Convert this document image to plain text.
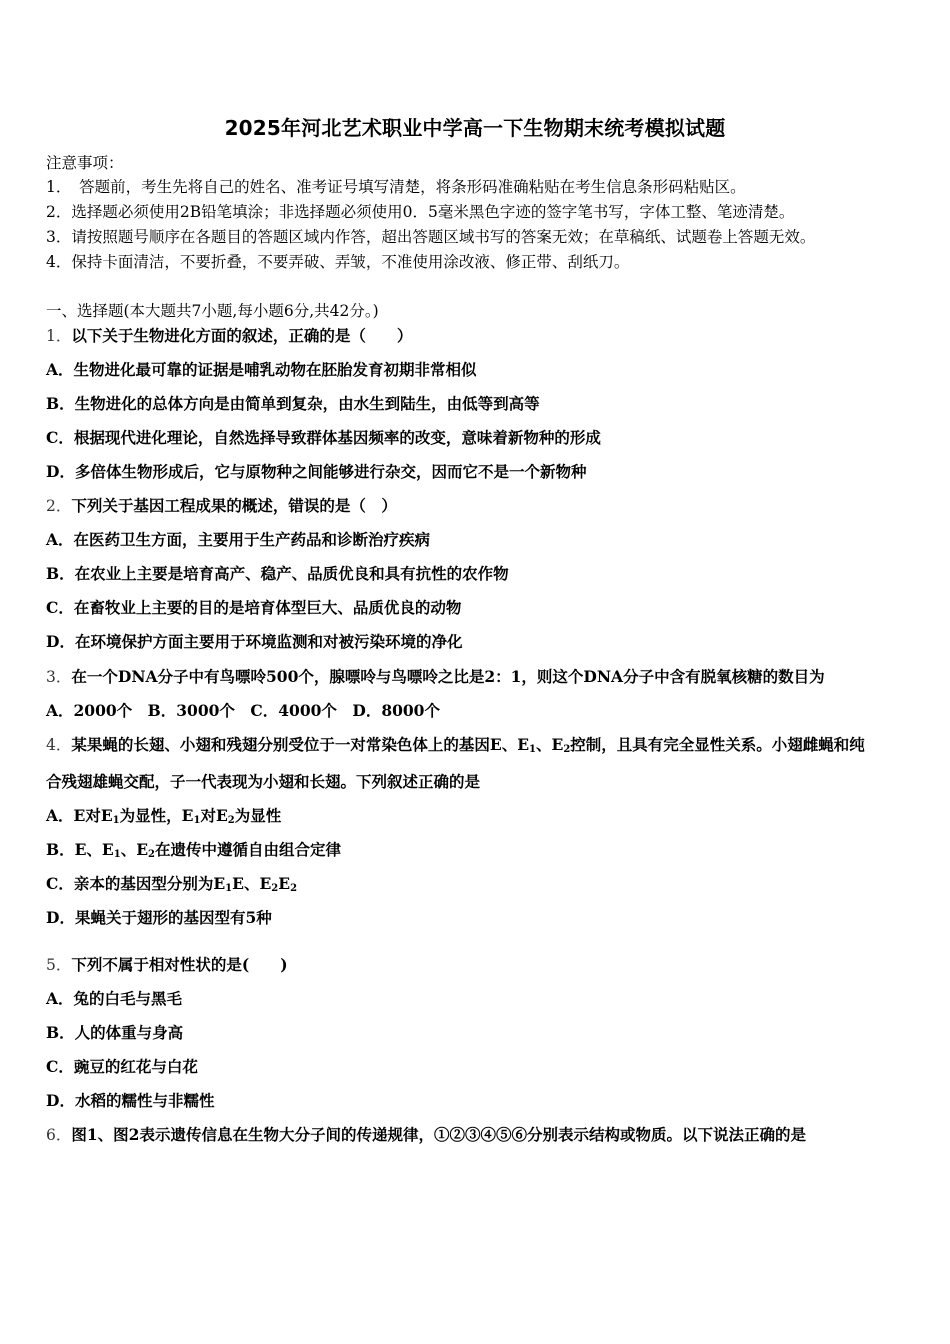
2025年河北艺术职业中学高一下生物期末统考模拟试题
注意事项：
1．　答题前，考生先将自己的姓名、准考证号填写清楚，将条形码准确粘贴在考生信息条形码粘贴区。
2．选择题必须使用2B铅笔填涂；非选择题必须使用0．5毫米黑色字迹的签字笔书写，字体工整、笔迹清楚。
3．请按照题号顺序在各题目的答题区域内作答，超出答题区域书写的答案无效；在草稿纸、试题卷上答题无效。
4．保持卡面清洁，不要折叠，不要弄破、弄皱，不准使用涂改液、修正带、刮纸刀。
一、选择题(本大题共7小题,每小题6分,共42分。)
1．以下关于生物进化方面的叙述，正确的是（　　）
A．生物进化最可靠的证据是哺乳动物在胚胎发育初期非常相似
B．生物进化的总体方向是由简单到复杂，由水生到陆生，由低等到高等
C．根据现代进化理论，自然选择导致群体基因频率的改变，意味着新物种的形成
D．多倍体生物形成后，它与原物种之间能够进行杂交，因而它不是一个新物种
2．下列关于基因工程成果的概述，错误的是（　）
A．在医药卫生方面，主要用于生产药品和诊断治疗疾病
B．在农业上主要是培育高产、稳产、品质优良和具有抗性的农作物
C．在畜牧业上主要的目的是培育体型巨大、品质优良的动物
D．在环境保护方面主要用于环境监测和对被污染环境的净化
3．在一个DNA分子中有鸟嘌呤500个，腺嘌呤与鸟嘌呤之比是2：1，则这个DNA分子中含有脱氧核糖的数目为
A．2000个　B．3000个　C．4000个　D．8000个
4．某果蝇的长翅、小翅和残翅分别受位于一对常染色体上的基因E、$E_1$、$E_2$控制，且具有完全显性关系。小翅雌蝇和纯
合残翅雄蝇交配，子一代表现为小翅和长翅。下列叙述正确的是
A．E对$E_1$为显性，$E_1$对$E_2$为显性
B．E、$E_1$、$E_2$在遗传中遵循自由组合定律
C．亲本的基因型分别为$E_1E$、$E_2E_2$
D．果蝇关于翅形的基因型有5种
5．下列不属于相对性状的是(　　)
A．兔的白毛与黑毛
B．人的体重与身高
C．豌豆的红花与白花
D．水稻的糯性与非糯性
6．图1、图2表示遗传信息在生物大分子间的传递规律，①②③④⑤⑥分别表示结构或物质。以下说法正确的是
